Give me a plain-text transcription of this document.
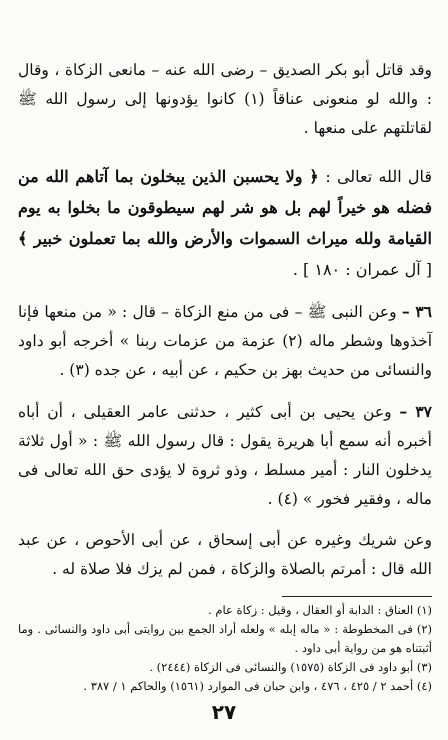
وقد قاتل أبو بكر الصديق – رضى الله عنه – مانعى الزكاة ، وقال : والله لو منعونى عناقاً (١) كانوا يؤدونها إلى رسول الله ﷺ لقاتلتهم على منعها .

قال الله تعالى : ﴿ ولا يحسبن الذين يبخلون بما آتاهم الله من فضله هو خيراً لهم بل هو شر لهم سيطوقون ما بخلوا به يوم القيامة ولله ميراث السموات والأرض والله بما تعملون خبير ﴾ [ آل عمران : ١٨٠ ] .

٣٦ – وعن النبى ﷺ – فى من منع الزكاة – قال : « من منعها فإنا آخذوها وشطر ماله (٢) عزمة من عزمات ربنا » أخرجه أبو داود والنسائى من حديث بهز بن حكيم ، عن أبيه ، عن جده (٣) .

٣٧ – وعن يحيى بن أبى كثير ، حدثنى عامر العقيلى ، أن أباه أخبره أنه سمع أبا هريرة يقول : قال رسول الله ﷺ : « أول ثلاثة يدخلون النار : أمير مسلط ، وذو ثروة لا يؤدى حق الله تعالى فى ماله ، وفقير فخور » (٤) .

وعن شريك وغيره عن أبى إسحاق ، عن أبى الأحوص ، عن عبد الله قال : أمرتم بالصلاة والزكاة ، فمن لم يزك فلا صلاة له .

(١) العناق : الدابة أو العقال ، وقيل : زكاة عام .

(٢) فى المخطوطة : « ماله إبله » ولعله أراد الجمع بين روايتى أبى داود والنسائى . وما أثبتناه هو من رواية أبى داود .

(٣) أبو داود فى الزكاة (١٥٧٥) والنسائى فى الزكاة (٢٤٤٤) .

(٤) أحمد ٢ / ٤٢٥ ، ٤٧٦ ، وابن حبان فى الموارد (١٥٦١) والحاكم ١ / ٣٨٧ .

٢٧
